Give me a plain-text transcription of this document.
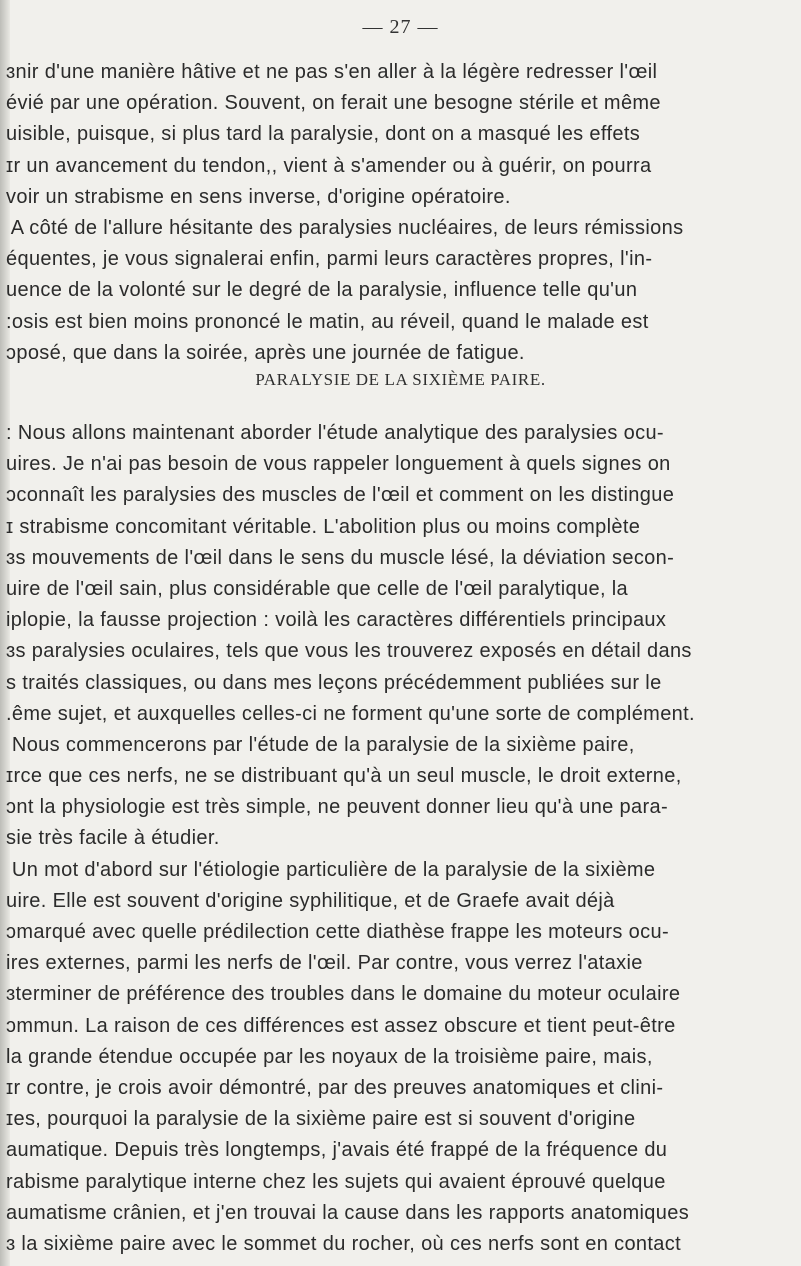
— 27 —
ɜnir d'une manière hâtive et ne pas s'en aller à la légère redresser l'œil
évié par une opération. Souvent, on ferait une besogne stérile et même
uisible, puisque, si plus tard la paralysie, dont on a masqué les effets
ɪr un avancement du tendon,, vient à s'amender ou à guérir, on pourra
voir un strabisme en sens inverse, d'origine opératoire.
A côté de l'allure hésitante des paralysies nucléaires, de leurs rémissions
équentes, je vous signalerai enfin, parmi leurs caractères propres, l'in-
uence de la volonté sur le degré de la paralysie, influence telle qu'un
:osis est bien moins prononcé le matin, au réveil, quand le malade est
ɔposé, que dans la soirée, après une journée de fatigue.
PARALYSIE DE LA SIXIÈME PAIRE.
: Nous allons maintenant aborder l'étude analytique des paralysies ocu-
uires. Je n'ai pas besoin de vous rappeler longuement à quels signes on
ɔconnaît les paralysies des muscles de l'œil et comment on les distingue
ɪ strabisme concomitant véritable. L'abolition plus ou moins complète
ɜs mouvements de l'œil dans le sens du muscle lésé, la déviation secon-
uire de l'œil sain, plus considérable que celle de l'œil paralytique, la
iplopie, la fausse projection : voilà les caractères différentiels principaux
ɜs paralysies oculaires, tels que vous les trouverez exposés en détail dans
s traités classiques, ou dans mes leçons précédemment publiées sur le
.ême sujet, et auxquelles celles-ci ne forment qu'une sorte de complément.
Nous commencerons par l'étude de la paralysie de la sixième paire,
ɪrce que ces nerfs, ne se distribuant qu'à un seul muscle, le droit externe,
ɔnt la physiologie est très simple, ne peuvent donner lieu qu'à une para-
sie très facile à étudier.
Un mot d'abord sur l'étiologie particulière de la paralysie de la sixième
uire. Elle est souvent d'origine syphilitique, et de Graefe avait déjà
ɔmarqué avec quelle prédilection cette diathèse frappe les moteurs ocu-
ires externes, parmi les nerfs de l'œil. Par contre, vous verrez l'ataxie
ɜterminer de préférence des troubles dans le domaine du moteur oculaire
ɔmmun. La raison de ces différences est assez obscure et tient peut-être
la grande étendue occupée par les noyaux de la troisième paire, mais,
ɪr contre, je crois avoir démontré, par des preuves anatomiques et clini-
ɪes, pourquoi la paralysie de la sixième paire est si souvent d'origine
aumatique. Depuis très longtemps, j'avais été frappé de la fréquence du
rabisme paralytique interne chez les sujets qui avaient éprouvé quelque
aumatisme crânien, et j'en trouvai la cause dans les rapports anatomiques
ɜ la sixième paire avec le sommet du rocher, où ces nerfs sont en contact
